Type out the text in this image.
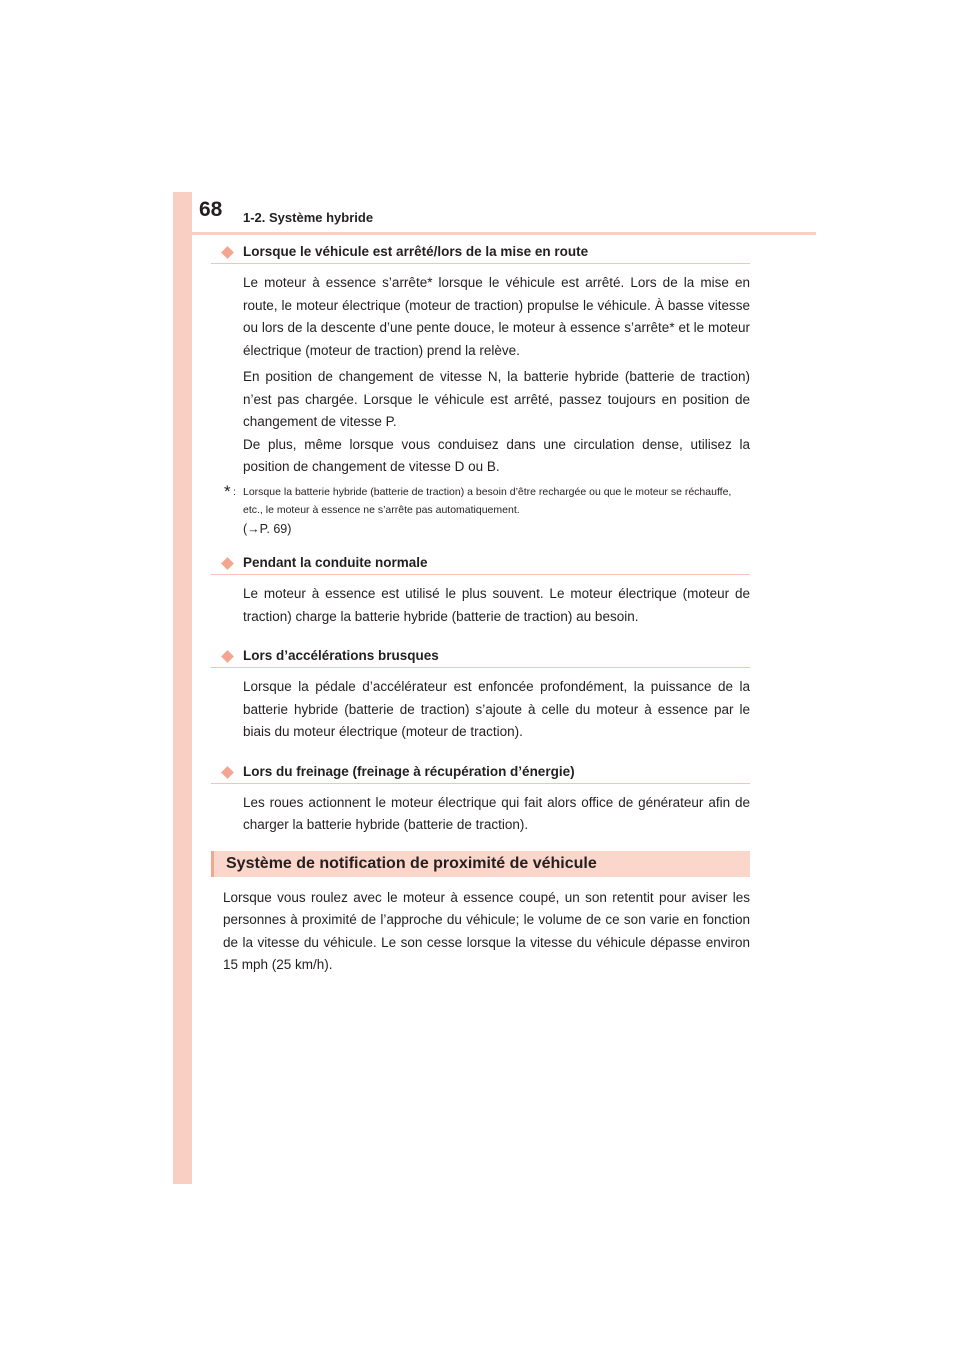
68 1-2. Système hybride
Lorsque le véhicule est arrêté/lors de la mise en route

Le moteur à essence s’arrête* lorsque le véhicule est arrêté. Lors de la mise en route, le moteur électrique (moteur de traction) propulse le véhicule. À basse vitesse ou lors de la descente d’une pente douce, le moteur à essence s’arrête* et le moteur électrique (moteur de traction) prend la relève.

En position de changement de vitesse N, la batterie hybride (batterie de traction) n’est pas chargée. Lorsque le véhicule est arrêté, passez toujours en position de changement de vitesse P.

De plus, même lorsque vous conduisez dans une circulation dense, utilisez la position de changement de vitesse D ou B.

* : Lorsque la batterie hybride (batterie de traction) a besoin d’être rechargée ou que le moteur se réchauffe, etc., le moteur à essence ne s’arrête pas automatiquement.
(→P. 69)
Pendant la conduite normale

Le moteur à essence est utilisé le plus souvent. Le moteur électrique (moteur de traction) charge la batterie hybride (batterie de traction) au besoin.

Lors d’accélérations brusques

Lorsque la pédale d’accélérateur est enfoncée profondément, la puissance de la batterie hybride (batterie de traction) s’ajoute à celle du moteur à essence par le biais du moteur électrique (moteur de traction).

Lors du freinage (freinage à récupération d’énergie)

Les roues actionnent le moteur électrique qui fait alors office de générateur afin de charger la batterie hybride (batterie de traction).

Système de notification de proximité de véhicule

Lorsque vous roulez avec le moteur à essence coupé, un son retentit pour aviser les personnes à proximité de l’approche du véhicule; le volume de ce son varie en fonction de la vitesse du véhicule. Le son cesse lorsque la vitesse du véhicule dépasse environ 15 mph (25 km/h).
